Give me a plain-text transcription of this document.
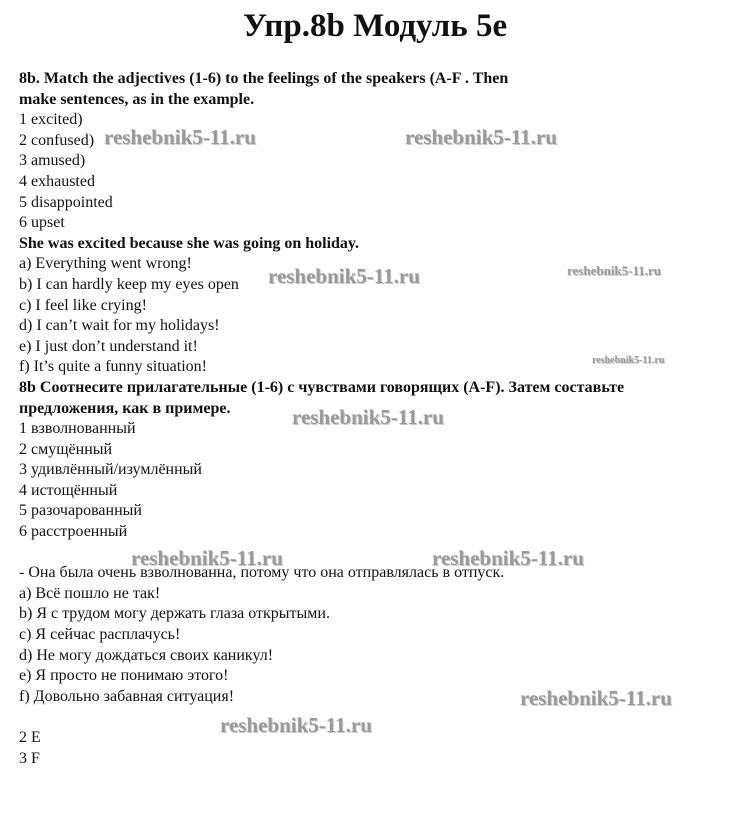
Упр.8b Модуль 5е
8b. Match the adjectives (1-6) to the feelings of the speakers (A-F . Then
make sentences, as in the example.
1 excited)
2 confused)
3 amused)
4 exhausted
5 disappointed
6 upset
She was excited because she was going on holiday.
a) Everything went wrong!
b) I can hardly keep my eyes open
c) I feel like crying!
d) I can’t wait for my holidays!
e) I just don’t understand it!
f) It’s quite a funny situation!
8b Соотнесите прилагательные (1-6) с чувствами говорящих (A-F). Затем составьте
предложения, как в примере.
1 взволнованный
2 смущённый
3 удивлённый/изумлённый
4 истощённый
5 разочарованный
6 расстроенный
- Она была очень взволнованна, потому что она отправлялась в отпуск.
a) Всё пошло не так!
b) Я с трудом могу держать глаза открытыми.
c) Я сейчас расплачусь!
d) Не могу дождаться своих каникул!
e) Я просто не понимаю этого!
f) Довольно забавная ситуация!
2 E
3 F
reshebnik5-11.ru	reshebnik5-11.ru
reshebnik5-11.ru	reshebnik5-11.ru
reshebnik5-11.ru
reshebnik5-11.ru
reshebnik5-11.ru	reshebnik5-11.ru
reshebnik5-11.ru
reshebnik5-11.ru
